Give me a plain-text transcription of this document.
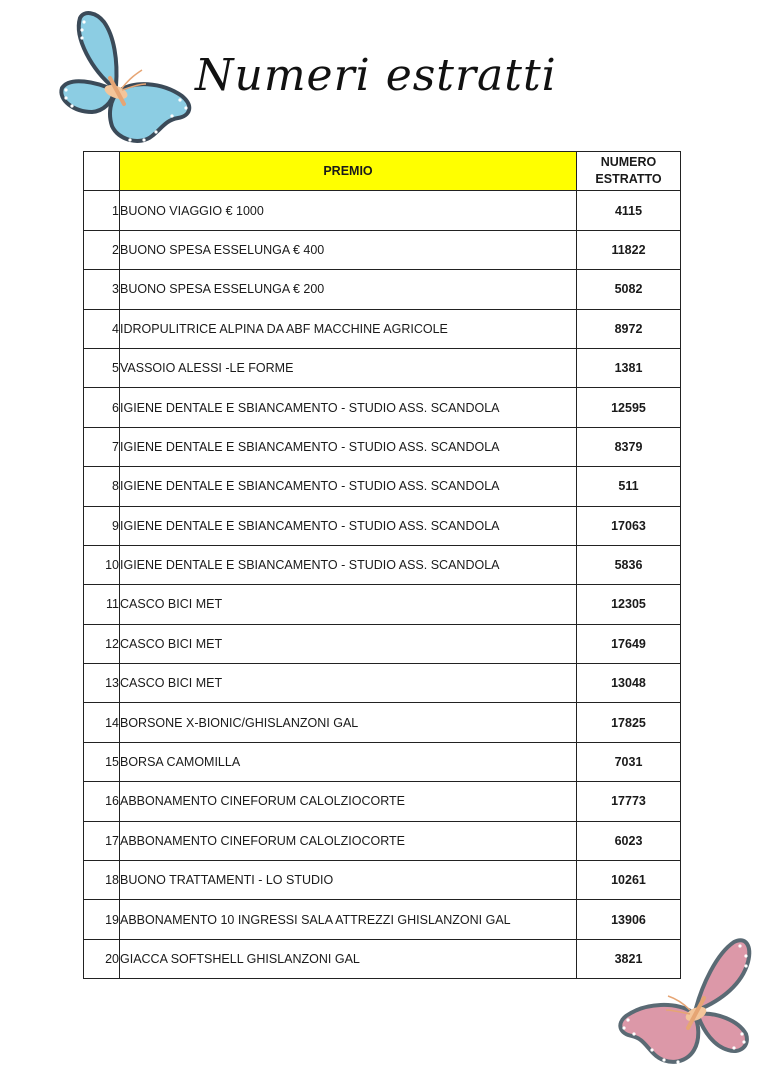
Numeri estratti
	PREMIO	NUMERO
ESTRATTO
1	BUONO VIAGGIO € 1000	4115
2	BUONO SPESA ESSELUNGA € 400	11822
3	BUONO SPESA ESSELUNGA € 200	5082
4	IDROPULITRICE ALPINA DA ABF MACCHINE AGRICOLE	8972
5	VASSOIO ALESSI -LE FORME	1381
6	IGIENE DENTALE E SBIANCAMENTO - STUDIO ASS. SCANDOLA	12595
7	IGIENE DENTALE E SBIANCAMENTO - STUDIO ASS. SCANDOLA	8379
8	IGIENE DENTALE E SBIANCAMENTO - STUDIO ASS. SCANDOLA	511
9	IGIENE DENTALE E SBIANCAMENTO - STUDIO ASS. SCANDOLA	17063
10	IGIENE DENTALE E SBIANCAMENTO - STUDIO ASS. SCANDOLA	5836
11	CASCO BICI MET	12305
12	CASCO BICI MET	17649
13	CASCO BICI MET	13048
14	BORSONE X-BIONIC/GHISLANZONI GAL	17825
15	BORSA CAMOMILLA	7031
16	ABBONAMENTO CINEFORUM CALOLZIOCORTE	17773
17	ABBONAMENTO CINEFORUM CALOLZIOCORTE	6023
18	BUONO TRATTAMENTI - LO STUDIO	10261
19	ABBONAMENTO 10 INGRESSI SALA ATTREZZI GHISLANZONI GAL	13906
20	GIACCA SOFTSHELL GHISLANZONI GAL	3821
